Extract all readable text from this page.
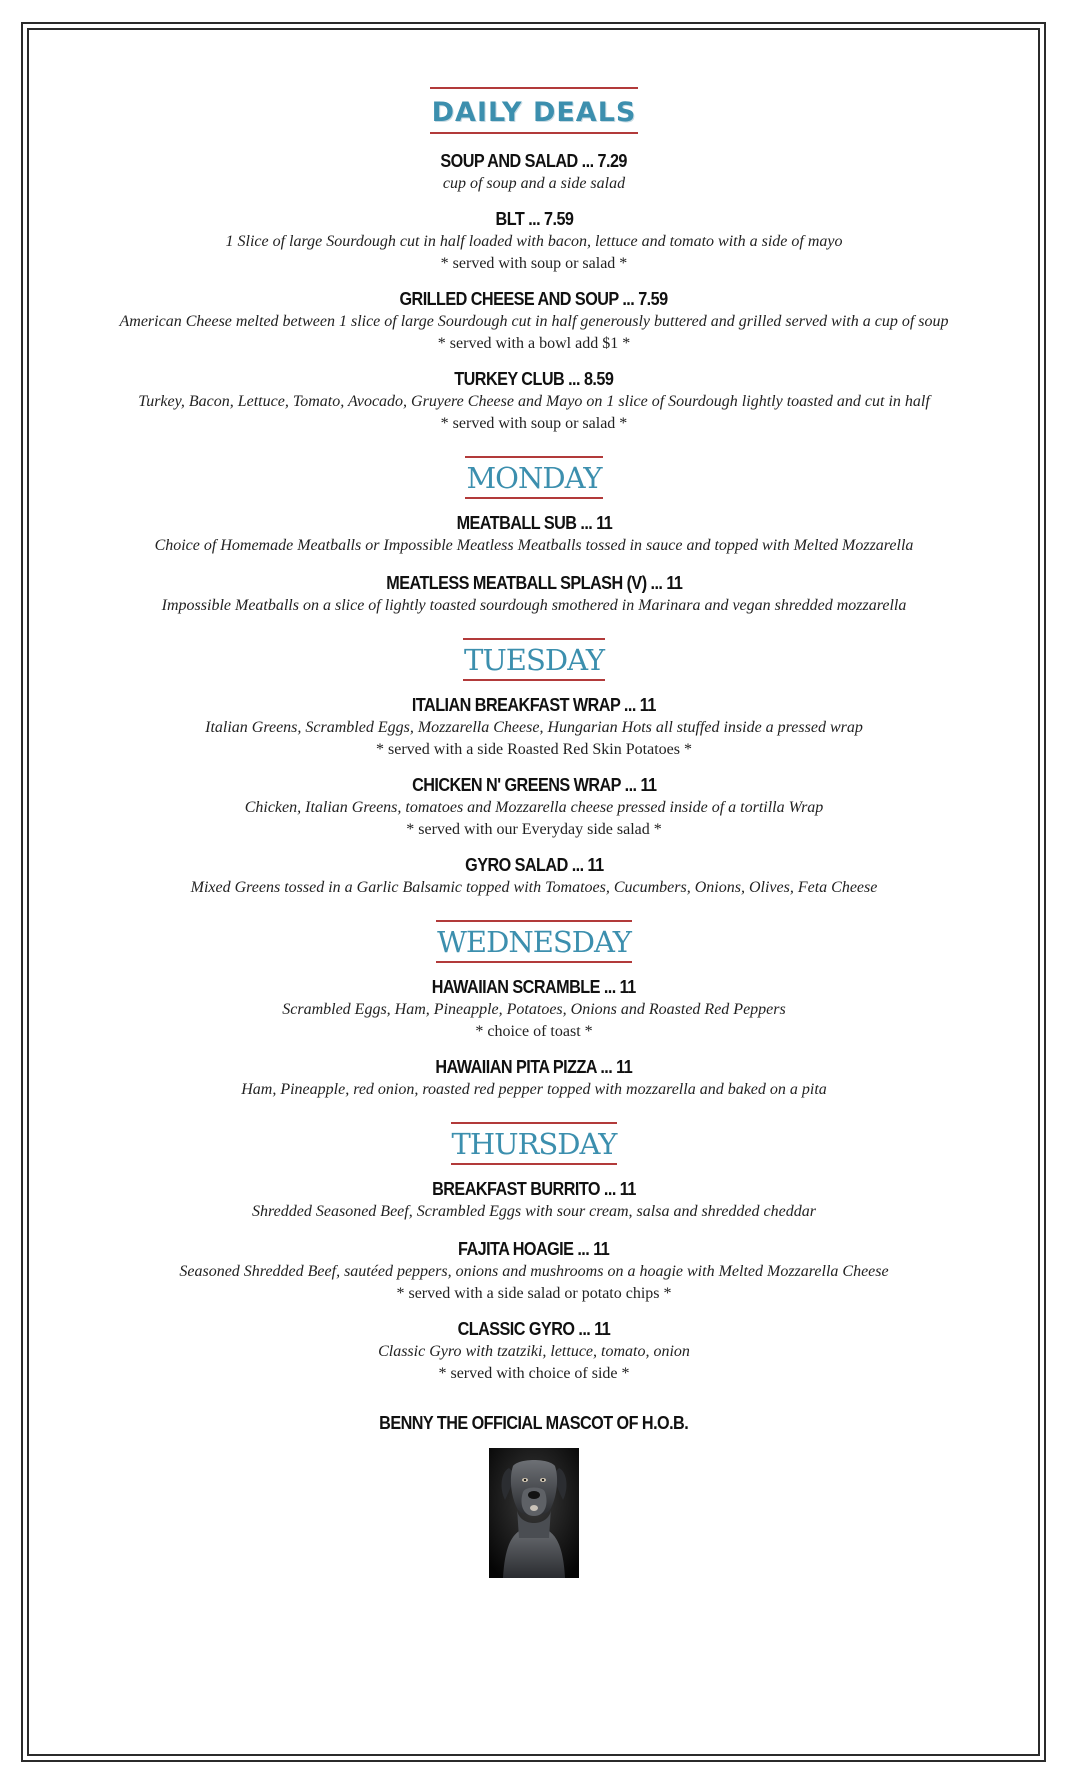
DAILY DEALS
SOUP AND SALAD ... 7.29
cup of soup and a side salad
BLT ... 7.59
1 Slice of large Sourdough cut in half loaded with bacon, lettuce and tomato with a side of mayo
* served with soup or salad *
GRILLED CHEESE AND SOUP ... 7.59
American Cheese melted between 1 slice of large Sourdough cut in half generously buttered and grilled served with a cup of soup
* served with a bowl add $1 *
TURKEY CLUB ... 8.59
Turkey, Bacon, Lettuce, Tomato, Avocado, Gruyere Cheese and Mayo on 1 slice of Sourdough lightly toasted and cut in half
* served with soup or salad *
MONDAY
MEATBALL SUB ... 11
Choice of Homemade Meatballs or Impossible Meatless Meatballs tossed in sauce and topped with Melted Mozzarella
MEATLESS MEATBALL SPLASH (V) ... 11
Impossible Meatballs on a slice of lightly toasted sourdough smothered in Marinara and vegan shredded mozzarella
TUESDAY
ITALIAN BREAKFAST WRAP ... 11
Italian Greens, Scrambled Eggs, Mozzarella Cheese, Hungarian Hots all stuffed inside a pressed wrap
* served with a side Roasted Red Skin Potatoes *
CHICKEN N' GREENS WRAP ... 11
Chicken, Italian Greens, tomatoes and Mozzarella cheese pressed inside of a tortilla Wrap
* served with our Everyday side salad *
GYRO SALAD ... 11
Mixed Greens tossed in a Garlic Balsamic topped with Tomatoes, Cucumbers, Onions, Olives, Feta Cheese
WEDNESDAY
HAWAIIAN SCRAMBLE ... 11
Scrambled Eggs, Ham, Pineapple, Potatoes, Onions and Roasted Red Peppers
* choice of toast *
HAWAIIAN PITA PIZZA ... 11
Ham, Pineapple, red onion, roasted red pepper topped with mozzarella and baked on a pita
THURSDAY
BREAKFAST BURRITO ... 11
Shredded Seasoned Beef, Scrambled Eggs with sour cream, salsa and shredded cheddar
FAJITA HOAGIE ... 11
Seasoned Shredded Beef, sautéed peppers, onions and mushrooms on a hoagie with Melted Mozzarella Cheese
* served with a side salad or potato chips *
CLASSIC GYRO ... 11
Classic Gyro with tzatziki, lettuce, tomato, onion
* served with choice of side *
BENNY THE OFFICIAL MASCOT OF H.O.B.
